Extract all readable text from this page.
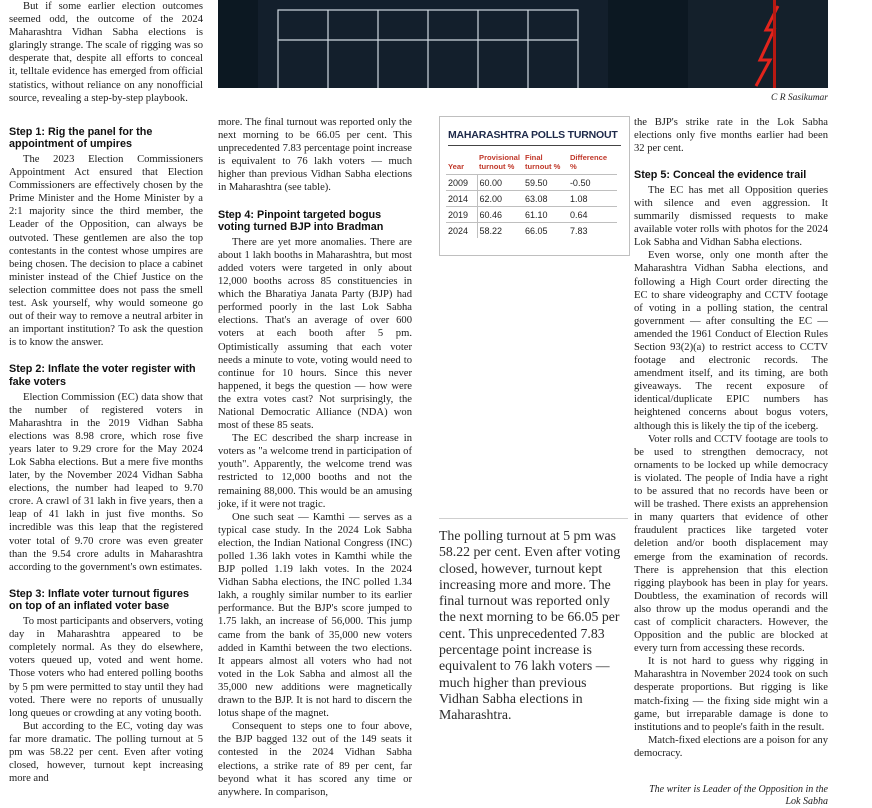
C R Sasikumar

But if some earlier election outcomes seemed odd, the outcome of the 2024 Maharashtra Vidhan Sabha elections is glaringly strange. The scale of rigging was so desperate that, despite all efforts to conceal it, telltale evidence has emerged from official statistics, without reliance on any nonofficial source, revealing a step-by-step playbook.

Step 1: Rig the panel for the appointment of umpires

The 2023 Election Commissioners Appointment Act ensured that Election Commissioners are effectively chosen by the Prime Minister and the Home Minister by a 2:1 majority since the third member, the Leader of the Opposition, can always be outvoted. These gentlemen are also the top contestants in the contest whose umpires are being chosen. The decision to place a cabinet minister instead of the Chief Justice on the selection committee does not pass the smell test. Ask yourself, why would someone go out of their way to remove a neutral arbiter in an important institution? To ask the question is to know the answer.

Step 2: Inflate the voter register with fake voters

Election Commission (EC) data show that the number of registered voters in Maharashtra in the 2019 Vidhan Sabha elections was 8.98 crore, which rose five years later to 9.29 crore for the May 2024 Lok Sabha elections. But a mere five months later, by the November 2024 Vidhan Sabha elections, the number had leaped to 9.70 crore. A crawl of 31 lakh in five years, then a leap of 41 lakh in just five months. So incredible was this leap that the registered voter total of 9.70 crore was even greater than the 9.54 crore adults in Maharashtra according to the government's own estimates.

Step 3: Inflate voter turnout figures on top of an inflated voter base

To most participants and observers, voting day in Maharashtra appeared to be completely normal. As they do elsewhere, voters queued up, voted and went home. Those voters who had entered polling booths by 5 pm were permitted to stay until they had voted. There were no reports of unusually long queues or crowding at any voting booth.

But according to the EC, voting day was far more dramatic. The polling turnout at 5 pm was 58.22 per cent. Even after voting closed, however, turnout kept increasing more and

more. The final turnout was reported only the next morning to be 66.05 per cent. This unprecedented 7.83 percentage point increase is equivalent to 76 lakh voters — much higher than previous Vidhan Sabha elections in Maharashtra (see table).

Step 4: Pinpoint targeted bogus voting turned BJP into Bradman

There are yet more anomalies. There are about 1 lakh booths in Maharashtra, but most added voters were targeted in only about 12,000 booths across 85 constituencies in which the Bharatiya Janata Party (BJP) had performed poorly in the last Lok Sabha elections. That's an average of over 600 voters at each booth after 5 pm. Optimistically assuming that each voter needs a minute to vote, voting would need to continue for 10 hours. Since this never happened, it begs the question — how were the extra votes cast? Not surprisingly, the National Democratic Alliance (NDA) won most of these 85 seats.

The EC described the sharp increase in voters as "a welcome trend in participation of youth". Apparently, the welcome trend was restricted to 12,000 booths and not the remaining 88,000. This would be an amusing joke, if it were not tragic.

One such seat — Kamthi — serves as a typical case study. In the 2024 Lok Sabha election, the Indian National Congress (INC) polled 1.36 lakh votes in Kamthi while the BJP polled 1.19 lakh votes. In the 2024 Vidhan Sabha elections, the INC polled 1.34 lakh, a roughly similar number to its earlier performance. But the BJP's score jumped to 1.75 lakh, an increase of 56,000. This jump came from the bank of 35,000 new voters added in Kamthi between the two elections. It appears almost all voters who had not voted in the Lok Sabha and almost all the 35,000 new additions were magnetically drawn to the BJP. It is not hard to discern the lotus shape of the magnet.

Consequent to steps one to four above, the BJP bagged 132 out of the 149 seats it contested in the 2024 Vidhan Sabha elections, a strike rate of 89 per cent, far beyond what it has scored any time or anywhere. In comparison,

MAHARASHTRA POLLS TURNOUT
Year	Provisional turnout %	Final turnout %	Difference %
2009	60.00	59.50	-0.50
2014	62.00	63.08	1.08
2019	60.46	61.10	0.64
2024	58.22	66.05	7.83
The polling turnout at 5 pm was 58.22 per cent. Even after voting closed, however, turnout kept increasing more and more. The final turnout was reported only the next morning to be 66.05 per cent. This unprecedented 7.83 percentage point increase is equivalent to 76 lakh voters — much higher than previous Vidhan Sabha elections in Maharashtra.

the BJP's strike rate in the Lok Sabha elections only five months earlier had been 32 per cent.

Step 5: Conceal the evidence trail

The EC has met all Opposition queries with silence and even aggression. It summarily dismissed requests to make available voter rolls with photos for the 2024 Lok Sabha and Vidhan Sabha elections.

Even worse, only one month after the Maharashtra Vidhan Sabha elections, and following a High Court order directing the EC to share videography and CCTV footage of voting in a polling station, the central government — after consulting the EC — amended the 1961 Conduct of Election Rules Section 93(2)(a) to restrict access to CCTV footage and electronic records. The amendment itself, and its timing, are both giveaways. The recent exposure of identical/duplicate EPIC numbers has heightened concerns about bogus voters, although this is likely the tip of the iceberg.

Voter rolls and CCTV footage are tools to be used to strengthen democracy, not ornaments to be locked up while democracy is violated. The people of India have a right to be assured that no records have been or will be trashed. There exists an apprehension in many quarters that evidence of other fraudulent practices like targeted voter deletion and/or booth displacement may emerge from the examination of records. There is apprehension that this election rigging playbook has been in play for years. Doubtless, the examination of records will also throw up the modus operandi and the cast of complicit characters. However, the Opposition and the public are blocked at every turn from accessing these records.

It is not hard to guess why rigging in Maharashtra in November 2024 took on such desperate proportions. But rigging is like match-fixing — the fixing side might win a game, but irreparable damage is done to institutions and to people's faith in the result.

Match-fixed elections are a poison for any democracy.

The writer is Leader of the Opposition in the Lok Sabha
